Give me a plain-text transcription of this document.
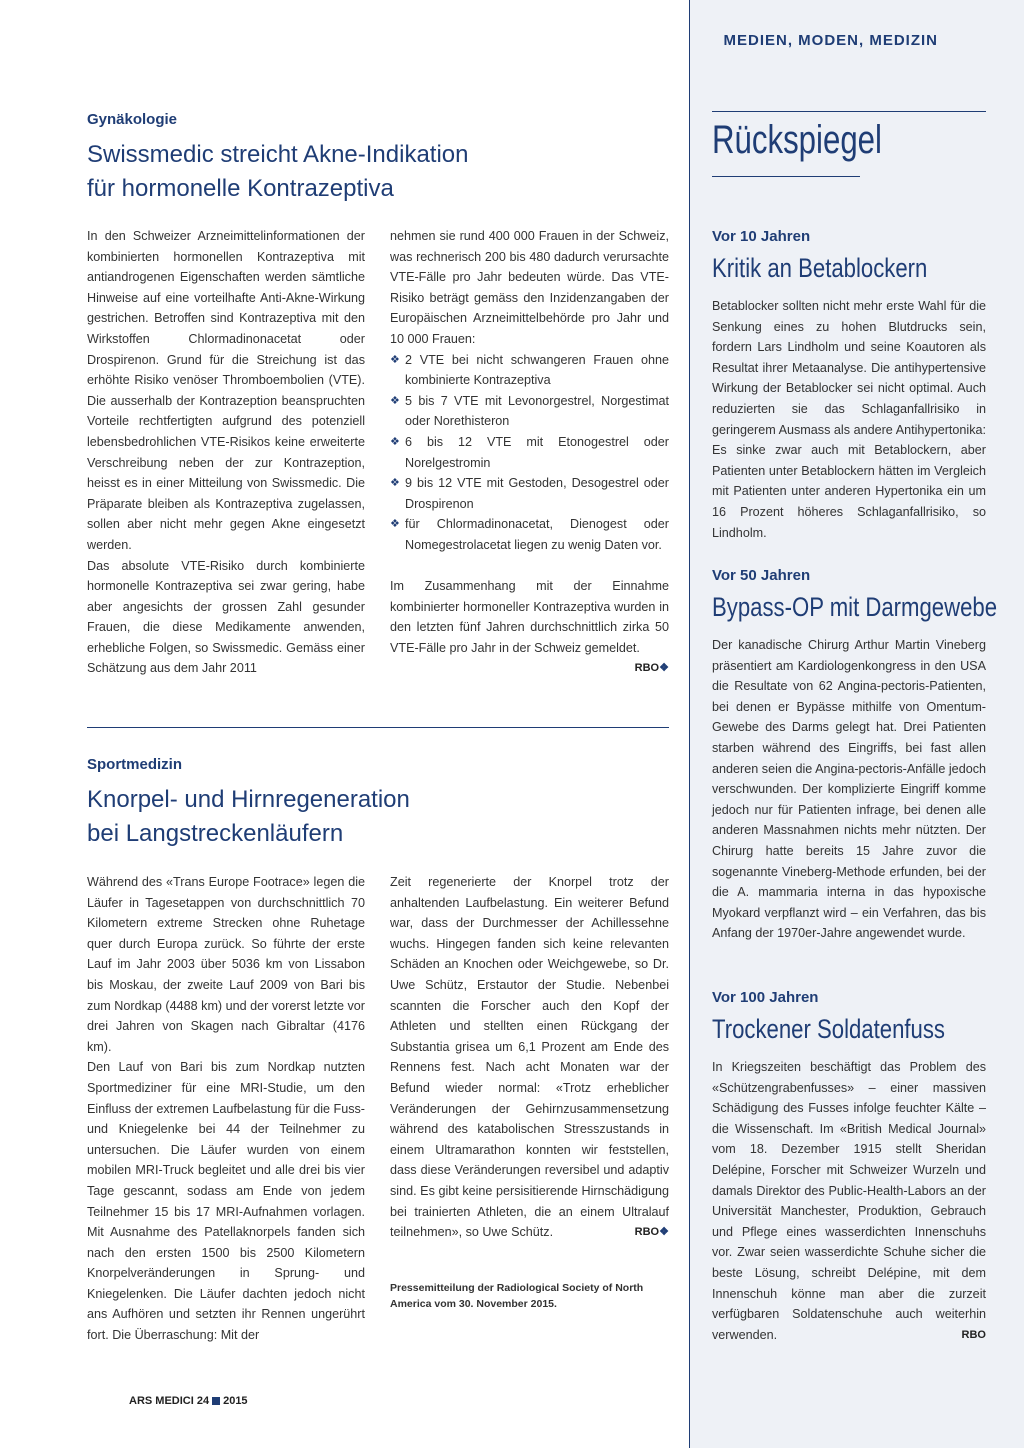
MEDIEN, MODEN, MEDIZIN
Rückspiegel
Vor 10 Jahren
Kritik an Betablockern

Betablocker sollten nicht mehr erste Wahl für die Senkung eines zu hohen Blutdrucks sein, fordern Lars Lindholm und seine Koautoren als Resultat ihrer Metaanalyse. Die antihypertensive Wirkung der Betablocker sei nicht optimal. Auch reduzierten sie das Schlaganfallrisiko in geringerem Ausmass als andere Antihypertonika: Es sinke zwar auch mit Betablockern, aber Patienten unter Betablockern hätten im Vergleich mit Patienten unter anderen Hypertonika ein um 16 Prozent höheres Schlaganfallrisiko, so Lindholm.

Vor 50 Jahren
Bypass-OP mit Darmgewebe

Der kanadische Chirurg Arthur Martin Vineberg präsentiert am Kardiologenkongress in den USA die Resultate von 62 Angina-pectoris-Patienten, bei denen er Bypässe mithilfe von Omentum-Gewebe des Darms gelegt hat. Drei Patienten starben während des Eingriffs, bei fast allen anderen seien die Angina-pectoris-Anfälle jedoch verschwunden. Der komplizierte Eingriff komme jedoch nur für Patienten infrage, bei denen alle anderen Massnahmen nichts mehr nützten. Der Chirurg hatte bereits 15 Jahre zuvor die sogenannte Vineberg-Methode erfunden, bei der die A. mammaria interna in das hypoxische Myokard verpflanzt wird – ein Verfahren, das bis Anfang der 1970er-Jahre angewendet wurde.

Vor 100 Jahren
Trockener Soldatenfuss

In Kriegszeiten beschäftigt das Problem des «Schützengrabenfusses» – einer massiven Schädigung des Fusses infolge feuchter Kälte – die Wissenschaft. Im «British Medical Journal» vom 18. Dezember 1915 stellt Sheridan Delépine, Forscher mit Schweizer Wurzeln und damals Direktor des Public-Health-Labors an der Universität Manchester, Produktion, Gebrauch und Pflege eines wasserdichten Innenschuhs vor. Zwar seien wasserdichte Schuhe sicher die beste Lösung, schreibt Delépine, mit dem Innenschuh könne man aber die zurzeit verfügbaren Soldatenschuhe auch weiterhin verwenden.	RBO

Gynäkologie
Swissmedic streicht Akne-Indikation
für hormonelle Kontrazeptiva

In den Schweizer Arzneimittelinformationen der kombinierten hormonellen Kontrazeptiva mit antiandrogenen Eigenschaften werden sämtliche Hinweise auf eine vorteilhafte Anti-Akne-Wirkung gestrichen. Betroffen sind Kontrazeptiva mit den Wirkstoffen Chlormadinonacetat oder Drospirenon. Grund für die Streichung ist das erhöhte Risiko venöser Thromboembolien (VTE). Die ausserhalb der Kontrazeption beanspruchten Vorteile rechtfertigten aufgrund des potenziell lebensbedrohlichen VTE-Risikos keine erweiterte Verschreibung neben der zur Kontrazeption, heisst es in einer Mitteilung von Swissmedic. Die Präparate bleiben als Kontrazeptiva zugelassen, sollen aber nicht mehr gegen Akne eingesetzt werden.

Das absolute VTE-Risiko durch kombinierte hormonelle Kontrazeptiva sei zwar gering, habe aber angesichts der grossen Zahl gesunder Frauen, die diese Medikamente anwenden, erhebliche Folgen, so Swissmedic. Gemäss einer Schätzung aus dem Jahr 2011

nehmen sie rund 400 000 Frauen in der Schweiz, was rechnerisch 200 bis 480 dadurch verursachte VTE-Fälle pro Jahr bedeuten würde. Das VTE-Risiko beträgt gemäss den Inzidenzangaben der Europäischen Arzneimittelbehörde pro Jahr und 10 000 Frauen:

❖ 2 VTE bei nicht schwangeren Frauen ohne kombinierte Kontrazeptiva
❖ 5 bis 7 VTE mit Levonorgestrel, Norgestimat oder Norethisteron
❖ 6 bis 12 VTE mit Etonogestrel oder Norelgestromin
❖ 9 bis 12 VTE mit Gestoden, Desogestrel oder Drospirenon
❖ für Chlormadinonacetat, Dienogest oder Nomegestrolacetat liegen zu wenig Daten vor.

Im Zusammenhang mit der Einnahme kombinierter hormoneller Kontrazeptiva wurden in den letzten fünf Jahren durchschnittlich zirka 50 VTE-Fälle pro Jahr in der Schweiz gemeldet.
RBO❖

Sportmedizin
Knorpel- und Hirnregeneration
bei Langstreckenläufern

Während des «Trans Europe Footrace» legen die Läufer in Tagesetappen von durchschnittlich 70 Kilometern extreme Strecken ohne Ruhetage quer durch Europa zurück. So führte der erste Lauf im Jahr 2003 über 5036 km von Lissabon bis Moskau, der zweite Lauf 2009 von Bari bis zum Nordkap (4488 km) und der vorerst letzte vor drei Jahren von Skagen nach Gibraltar (4176 km).

Den Lauf von Bari bis zum Nordkap nutzten Sportmediziner für eine MRI-Studie, um den Einfluss der extremen Laufbelastung für die Fuss- und Kniegelenke bei 44 der Teilnehmer zu untersuchen. Die Läufer wurden von einem mobilen MRI-Truck begleitet und alle drei bis vier Tage gescannt, sodass am Ende von jedem Teilnehmer 15 bis 17 MRI-Aufnahmen vorlagen. Mit Ausnahme des Patellaknorpels fanden sich nach den ersten 1500 bis 2500 Kilometern Knorpelveränderungen in Sprung- und Kniegelenken. Die Läufer dachten jedoch nicht ans Aufhören und setzten ihr Rennen ungerührt fort. Die Überraschung: Mit der

Zeit regenerierte der Knorpel trotz der anhaltenden Laufbelastung. Ein weiterer Befund war, dass der Durchmesser der Achillessehne wuchs. Hingegen fanden sich keine relevanten Schäden an Knochen oder Weichgewebe, so Dr. Uwe Schütz, Erstautor der Studie. Nebenbei scannten die Forscher auch den Kopf der Athleten und stellten einen Rückgang der Substantia grisea um 6,1 Prozent am Ende des Rennens fest. Nach acht Monaten war der Befund wieder normal: «Trotz erheblicher Veränderungen der Gehirnzusammensetzung während des katabolischen Stresszustands in einem Ultramarathon konnten wir feststellen, dass diese Veränderungen reversibel und adaptiv sind. Es gibt keine persisitierende Hirnschädigung bei trainierten Athleten, die an einem Ultralauf teilnehmen», so Uwe Schütz.	RBO❖

Pressemitteilung der Radiological Society of North America vom 30. November 2015.
ARS MEDICI 24 2015
